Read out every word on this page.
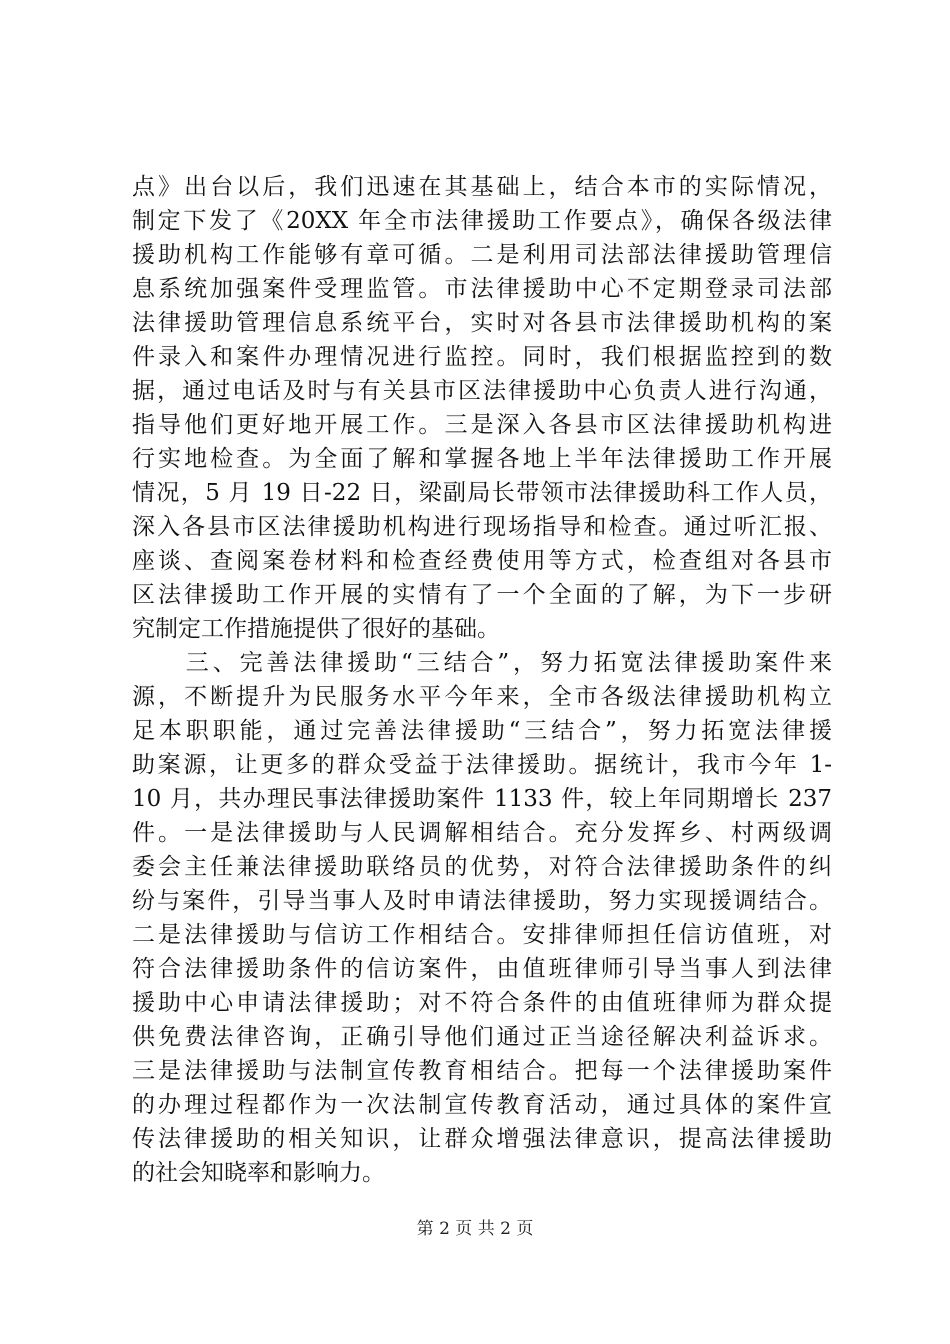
点》出台以后，我们迅速在其基础上，结合本市的实际情况，
制定下发了《20XX 年全市法律援助工作要点》，确保各级法律
援助机构工作能够有章可循。二是利用司法部法律援助管理信
息系统加强案件受理监管。市法律援助中心不定期登录司法部
法律援助管理信息系统平台，实时对各县市法律援助机构的案
件录入和案件办理情况进行监控。同时，我们根据监控到的数
据，通过电话及时与有关县市区法律援助中心负责人进行沟通，
指导他们更好地开展工作。三是深入各县市区法律援助机构进
行实地检查。为全面了解和掌握各地上半年法律援助工作开展
情况，5 月 19 日-22 日，梁副局长带领市法律援助科工作人员，
深入各县市区法律援助机构进行现场指导和检查。通过听汇报、
座谈、查阅案卷材料和检查经费使用等方式，检查组对各县市
区法律援助工作开展的实情有了一个全面的了解，为下一步研
究制定工作措施提供了很好的基础。
　　三、完善法律援助“三结合”，努力拓宽法律援助案件来
源，不断提升为民服务水平今年来，全市各级法律援助机构立
足本职职能，通过完善法律援助“三结合”，努力拓宽法律援
助案源，让更多的群众受益于法律援助。据统计，我市今年 1-
10 月，共办理民事法律援助案件 1133 件，较上年同期增长 237
件。一是法律援助与人民调解相结合。充分发挥乡、村两级调
委会主任兼法律援助联络员的优势，对符合法律援助条件的纠
纷与案件，引导当事人及时申请法律援助，努力实现援调结合。
二是法律援助与信访工作相结合。安排律师担任信访值班，对
符合法律援助条件的信访案件，由值班律师引导当事人到法律
援助中心申请法律援助；对不符合条件的由值班律师为群众提
供免费法律咨询，正确引导他们通过正当途径解决利益诉求。
三是法律援助与法制宣传教育相结合。把每一个法律援助案件
的办理过程都作为一次法制宣传教育活动，通过具体的案件宣
传法律援助的相关知识，让群众增强法律意识，提高法律援助
的社会知晓率和影响力。
第 2 页 共 2 页
